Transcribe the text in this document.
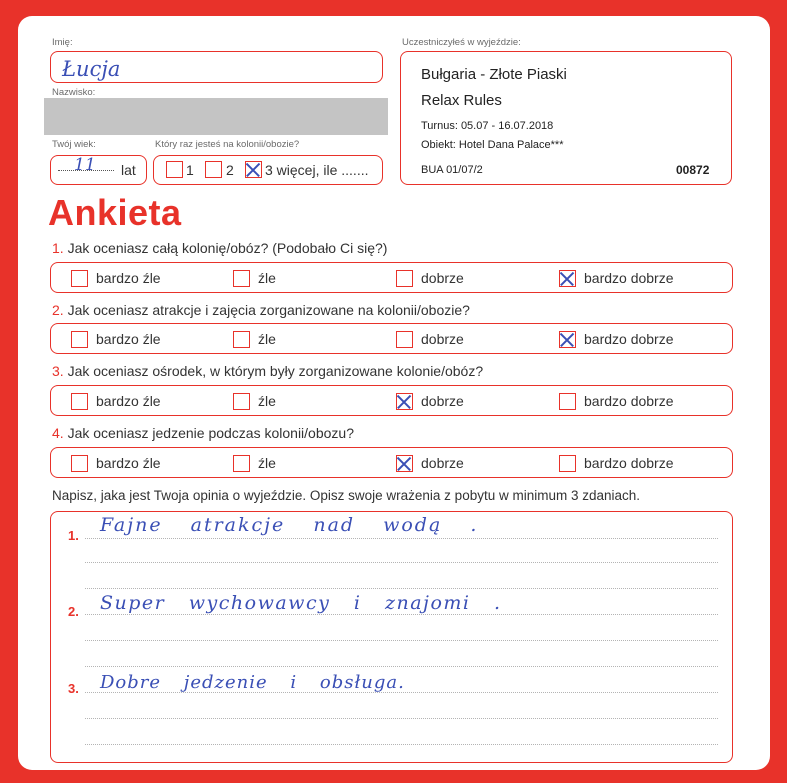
Imię:
Łucja
Nazwisko:
Twój wiek:
11 lat
Który raz jesteś na kolonii/obozie?
1 2 3 więcej, ile .......
Uczestniczyłeś w wyjeździe:
Bułgaria - Złote Piaski
Relax Rules
Turnus: 05.07 - 16.07.2018
Obiekt: Hotel Dana Palace***
BUA 01/07/2	00872
Ankieta
1. Jak oceniasz całą kolonię/obóz? (Podobało Ci się?)
bardzo źle	źle	dobrze	bardzo dobrze
2. Jak oceniasz atrakcje i zajęcia zorganizowane na kolonii/obozie?
bardzo źle	źle	dobrze	bardzo dobrze
3. Jak oceniasz ośrodek, w którym były zorganizowane kolonie/obóz?
bardzo źle	źle	dobrze	bardzo dobrze
4. Jak oceniasz jedzenie podczas kolonii/obozu?
bardzo źle	źle	dobrze	bardzo dobrze
Napisz, jaka jest Twoja opinia o wyjeździe. Opisz swoje wrażenia z pobytu w minimum 3 zdaniach.
1. Fajne atrakcje nad wodą .
2. Super wychowawcy i znajomi .
3. Dobre jedzenie i obsługa.
